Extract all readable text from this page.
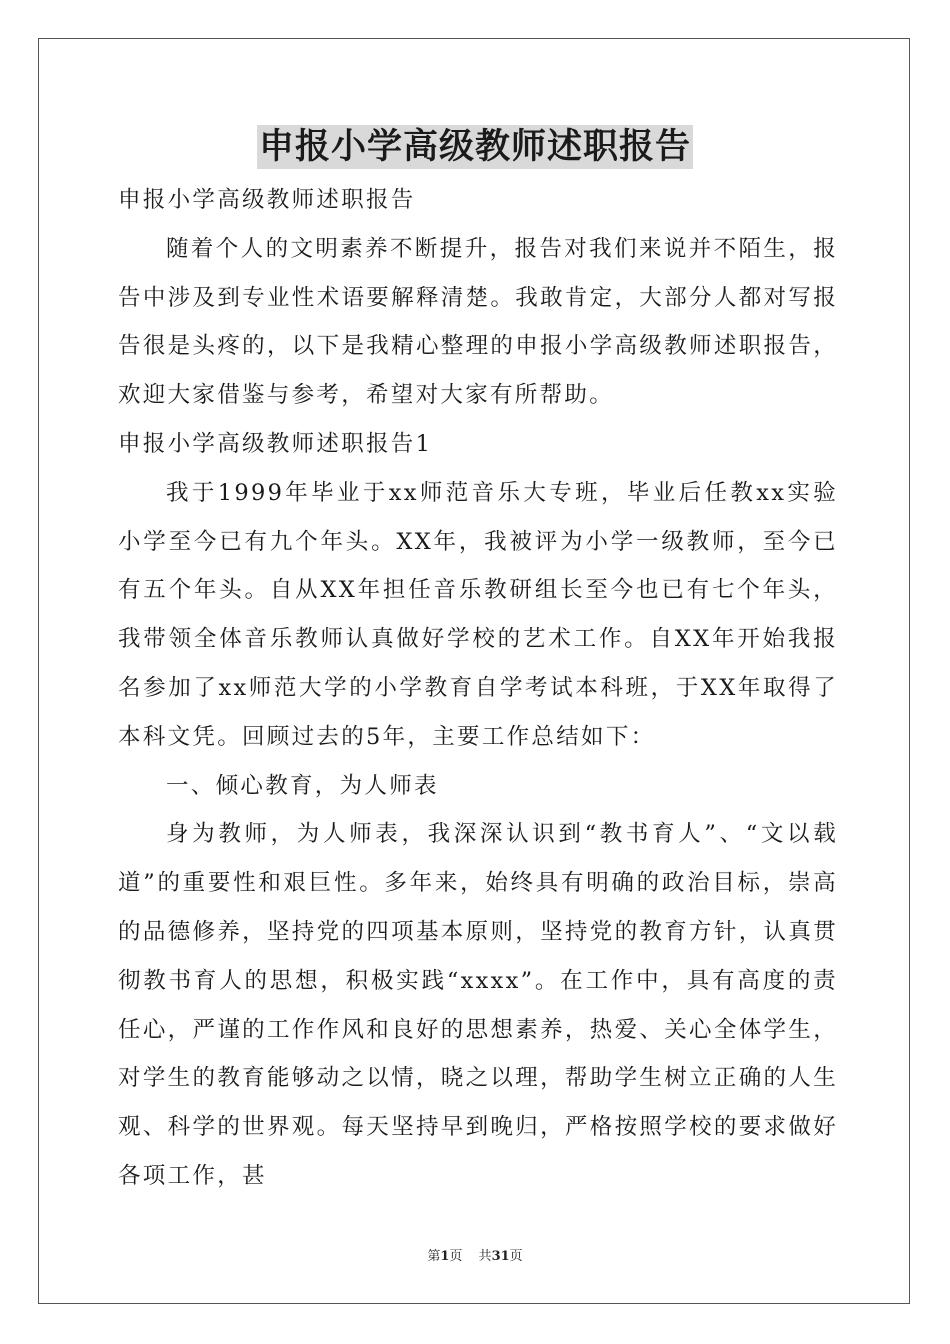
申报小学高级教师述职报告

申报小学高级教师述职报告

随着个人的文明素养不断提升，报告对我们来说并不陌生，报告中涉及到专业性术语要解释清楚。我敢肯定，大部分人都对写报告很是头疼的，以下是我精心整理的申报小学高级教师述职报告，欢迎大家借鉴与参考，希望对大家有所帮助。

申报小学高级教师述职报告1

我于1999年毕业于xx师范音乐大专班，毕业后任教xx实验小学至今已有九个年头。XX年，我被评为小学一级教师，至今已有五个年头。自从XX年担任音乐教研组长至今也已有七个年头，我带领全体音乐教师认真做好学校的艺术工作。自XX年开始我报名参加了xx师范大学的小学教育自学考试本科班，于XX年取得了本科文凭。回顾过去的5年，主要工作总结如下：

一、倾心教育，为人师表

身为教师，为人师表，我深深认识到“教书育人”、“文以载道”的重要性和艰巨性。多年来，始终具有明确的政治目标，崇高的品德修养，坚持党的四项基本原则，坚持党的教育方针，认真贯彻教书育人的思想，积极实践“xxxx”。在工作中，具有高度的责任心，严谨的工作作风和良好的思想素养，热爱、关心全体学生，对学生的教育能够动之以情，晓之以理，帮助学生树立正确的人生观、科学的世界观。每天坚持早到晚归，严格按照学校的要求做好各项工作，甚

第1页 共31页
